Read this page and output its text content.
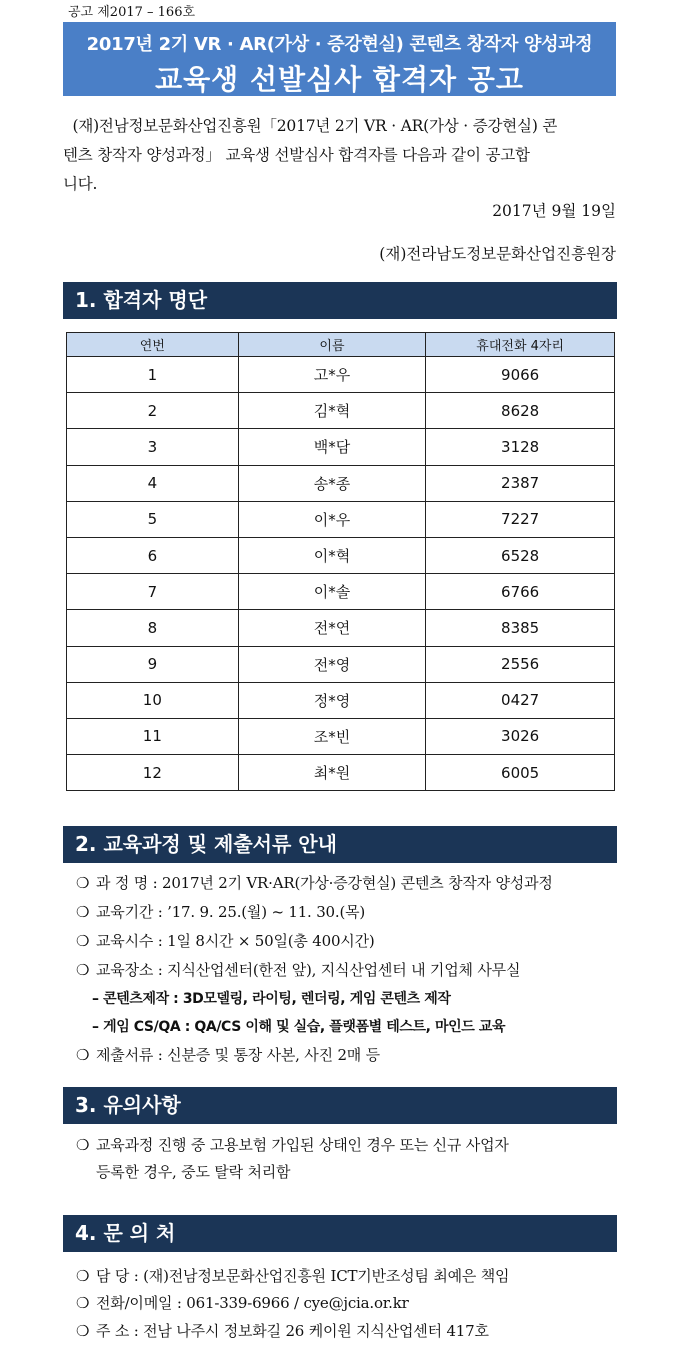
공고 제2017 – 166호
2017년 2기 VR · AR(가상 · 증강현실) 콘텐츠 창작자 양성과정
교육생 선발심사 합격자 공고
(재)전남정보문화산업진흥원「2017년 2기 VR · AR(가상 · 증강현실) 콘
텐츠 창작자 양성과정」 교육생 선발심사 합격자를 다음과 같이 공고합
니다.
2017년 9월 19일
(재)전라남도정보문화산업진흥원장
1. 합격자 명단
연번	이름	휴대전화 4자리
1	고*우	9066
2	김*혁	8628
3	백*담	3128
4	송*종	2387
5	이*우	7227
6	이*혁	6528
7	이*솔	6766
8	전*연	8385
9	전*영	2556
10	정*영	0427
11	조*빈	3026
12	최*원	6005
2. 교육과정 및 제출서류 안내
❍ 과 정 명 : 2017년 2기 VR·AR(가상·증강현실) 콘텐츠 창작자 양성과정
❍ 교육기간 : ’17. 9. 25.(월) ~ 11. 30.(목)
❍ 교육시수 : 1일 8시간 × 50일(총 400시간)
❍ 교육장소 : 지식산업센터(한전 앞), 지식산업센터 내 기업체 사무실
– 콘텐츠제작 : 3D모델링, 라이팅, 렌더링, 게임 콘텐츠 제작
– 게임 CS/QA : QA/CS 이해 및 실습, 플랫폼별 테스트, 마인드 교육
❍ 제출서류 : 신분증 및 통장 사본, 사진 2매 등
3. 유의사항
❍ 교육과정 진행 중 고용보험 가입된 상태인 경우 또는 신규 사업자
등록한 경우, 중도 탈락 처리함
4. 문 의 처
❍ 담 당 : (재)전남정보문화산업진흥원 ICT기반조성팀 최예은 책임
❍ 전화/이메일 : 061-339-6966 / cye@jcia.or.kr
❍ 주 소 : 전남 나주시 정보화길 26 케이원 지식산업센터 417호
